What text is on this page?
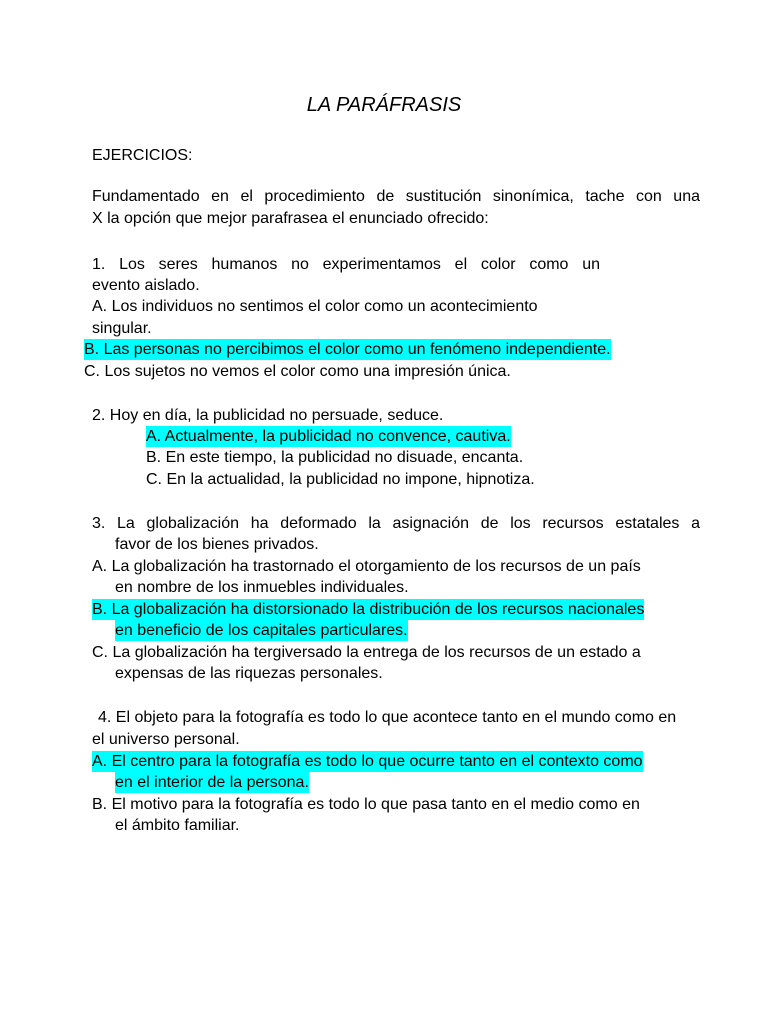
LA PARÁFRASIS
EJERCICIOS:
Fundamentado en el procedimiento de sustitución sinonímica, tache con una
X la opción que mejor parafrasea el enunciado ofrecido:
1. Los seres humanos no experimentamos el color como un
evento aislado.
A. Los individuos no sentimos el color como un acontecimiento
singular.
B. Las personas no percibimos el color como un fenómeno independiente.
C. Los sujetos no vemos el color como una impresión única.
2. Hoy en día, la publicidad no persuade, seduce.
A. Actualmente, la publicidad no convence, cautiva.
B. En este tiempo, la publicidad no disuade, encanta.
C. En la actualidad, la publicidad no impone, hipnotiza.
3. La globalización ha deformado la asignación de los recursos estatales a
favor de los bienes privados.
A. La globalización ha trastornado el otorgamiento de los recursos de un país
en nombre de los inmuebles individuales.
B. La globalización ha distorsionado la distribución de los recursos nacionales
en beneficio de los capitales particulares.
C. La globalización ha tergiversado la entrega de los recursos de un estado a
expensas de las riquezas personales.
4. El objeto para la fotografía es todo lo que acontece tanto en el mundo como en
el universo personal.
A. El centro para la fotografía es todo lo que ocurre tanto en el contexto como
en el interior de la persona.
B. El motivo para la fotografía es todo lo que pasa tanto en el medio como en
el ámbito familiar.
